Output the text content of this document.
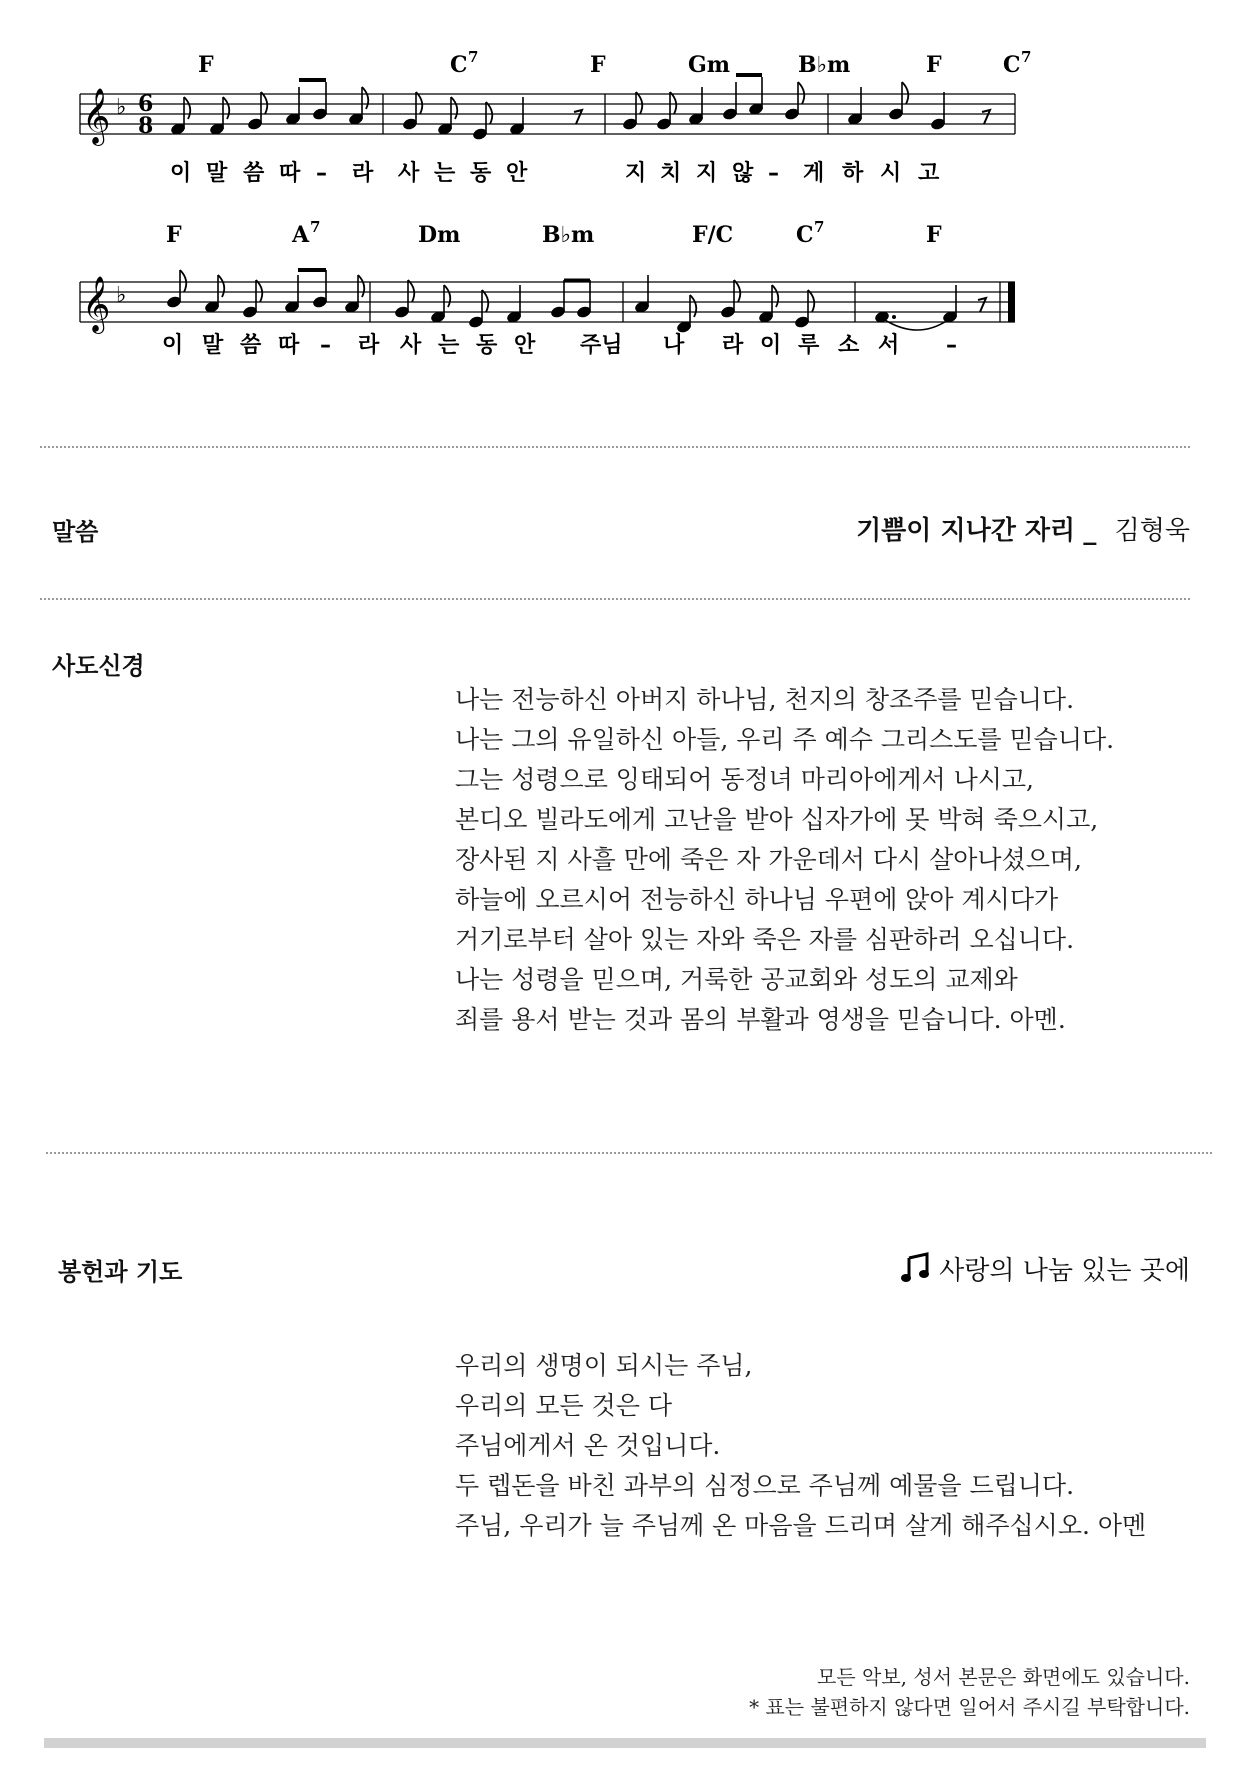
𝄞 ♭
F	C 7	F	Gm	B♭m	F	C 7
이 말 씀 따 – 라 사 는 동 안	지 치 지 않 – 게 하 시 고
6
8
𝄞 ♭
F	A 7	Dm	B♭m	F/C	C 7	F
이 말 씀 따 – 라 사 는 동 안 주님 나 라 이 루 소 서 –
말씀	기쁨이 지나간 자리 _ 김형욱
사도신경
나는 전능하신 아버지 하나님, 천지의 창조주를 믿습니다.
나는 그의 유일하신 아들, 우리 주 예수 그리스도를 믿습니다.
그는 성령으로 잉태되어 동정녀 마리아에게서 나시고,
본디오 빌라도에게 고난을 받아 십자가에 못 박혀 죽으시고,
장사된 지 사흘 만에 죽은 자 가운데서 다시 살아나셨으며,
하늘에 오르시어 전능하신 하나님 우편에 앉아 계시다가
거기로부터 살아 있는 자와 죽은 자를 심판하러 오십니다.
나는 성령을 믿으며, 거룩한 공교회와 성도의 교제와
죄를 용서 받는 것과 몸의 부활과 영생을 믿습니다. 아멘.
봉헌과 기도	사랑의 나눔 있는 곳에
우리의 생명이 되시는 주님,
우리의 모든 것은 다
주님에게서 온 것입니다.
두 렙돈을 바친 과부의 심정으로 주님께 예물을 드립니다.
주님, 우리가 늘 주님께 온 마음을 드리며 살게 해주십시오. 아멘
모든 악보, 성서 본문은 화면에도 있습니다.
* 표는 불편하지 않다면 일어서 주시길 부탁합니다.
